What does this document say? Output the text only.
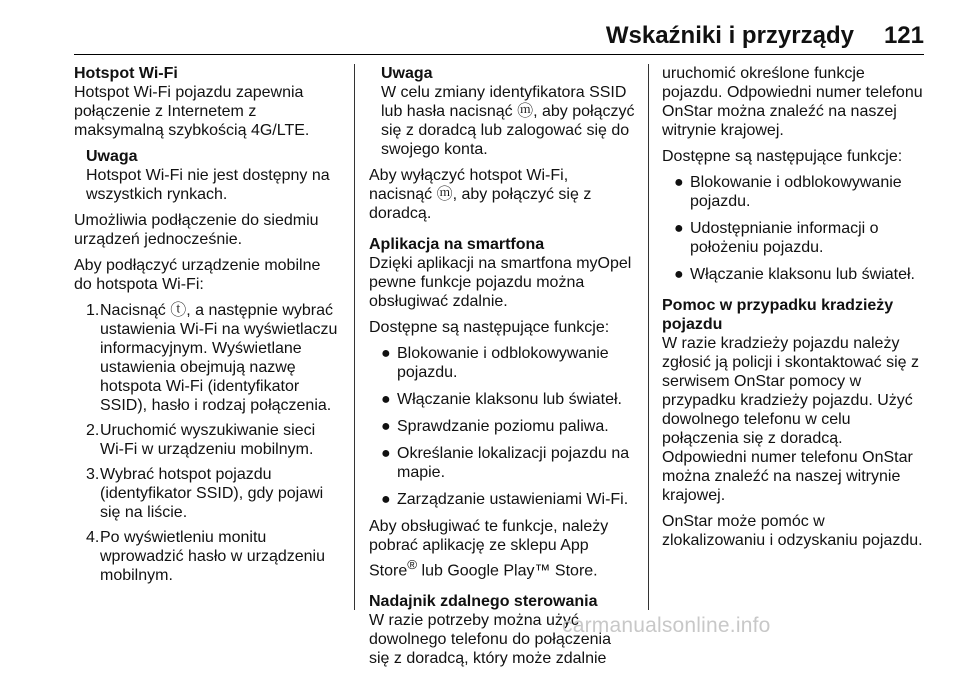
Wskaźniki i przyrządy 121
Hotspot Wi-Fi

Hotspot Wi-Fi pojazdu zapewnia połączenie z Internetem z maksymalną szybkością 4G/LTE.

Uwaga
Hotspot Wi-Fi nie jest dostępny na wszystkich rynkach.

Umożliwia podłączenie do siedmiu urządzeń jednocześnie.

Aby podłączyć urządzenie mobilne do hotspota Wi-Fi:

1. Nacisnąć ⓣ, a następnie wybrać ustawienia Wi-Fi na wyświetlaczu informacyjnym. Wyświetlane ustawienia obejmują nazwę hotspota Wi-Fi (identyfikator SSID), hasło i rodzaj połączenia.
2. Uruchomić wyszukiwanie sieci Wi-Fi w urządzeniu mobilnym.
3. Wybrać hotspot pojazdu (identyfikator SSID), gdy pojawi się na liście.
4. Po wyświetleniu monitu wprowadzić hasło w urządzeniu mobilnym.
Uwaga
W celu zmiany identyfikatora SSID lub hasła nacisnąć ⓜ, aby połączyć się z doradcą lub zalogować się do swojego konta.

Aby wyłączyć hotspot Wi-Fi, nacisnąć ⓜ, aby połączyć się z doradcą.

Aplikacja na smartfona

Dzięki aplikacji na smartfona myOpel pewne funkcje pojazdu można obsługiwać zdalnie.

Dostępne są następujące funkcje:

● Blokowanie i odblokowywanie pojazdu.
● Włączanie klaksonu lub świateł.
● Sprawdzanie poziomu paliwa.
● Określanie lokalizacji pojazdu na mapie.
● Zarządzanie ustawieniami Wi-Fi.

Aby obsługiwać te funkcje, należy pobrać aplikację ze sklepu App Store® lub Google Play™ Store.

Nadajnik zdalnego sterowania

W razie potrzeby można użyć dowolnego telefonu do połączenia się z doradcą, który może zdalnie

uruchomić określone funkcje pojazdu. Odpowiedni numer telefonu OnStar można znaleźć na naszej witrynie krajowej.

Dostępne są następujące funkcje:

● Blokowanie i odblokowywanie pojazdu.
● Udostępnianie informacji o położeniu pojazdu.
● Włączanie klaksonu lub świateł.
Pomoc w przypadku kradzieży pojazdu

W razie kradzieży pojazdu należy zgłosić ją policji i skontaktować się z serwisem OnStar pomocy w przypadku kradzieży pojazdu. Użyć dowolnego telefonu w celu połączenia się z doradcą. Odpowiedni numer telefonu OnStar można znaleźć na naszej witrynie krajowej.

OnStar może pomóc w zlokalizowaniu i odzyskaniu pojazdu.

carmanualsonline.info
